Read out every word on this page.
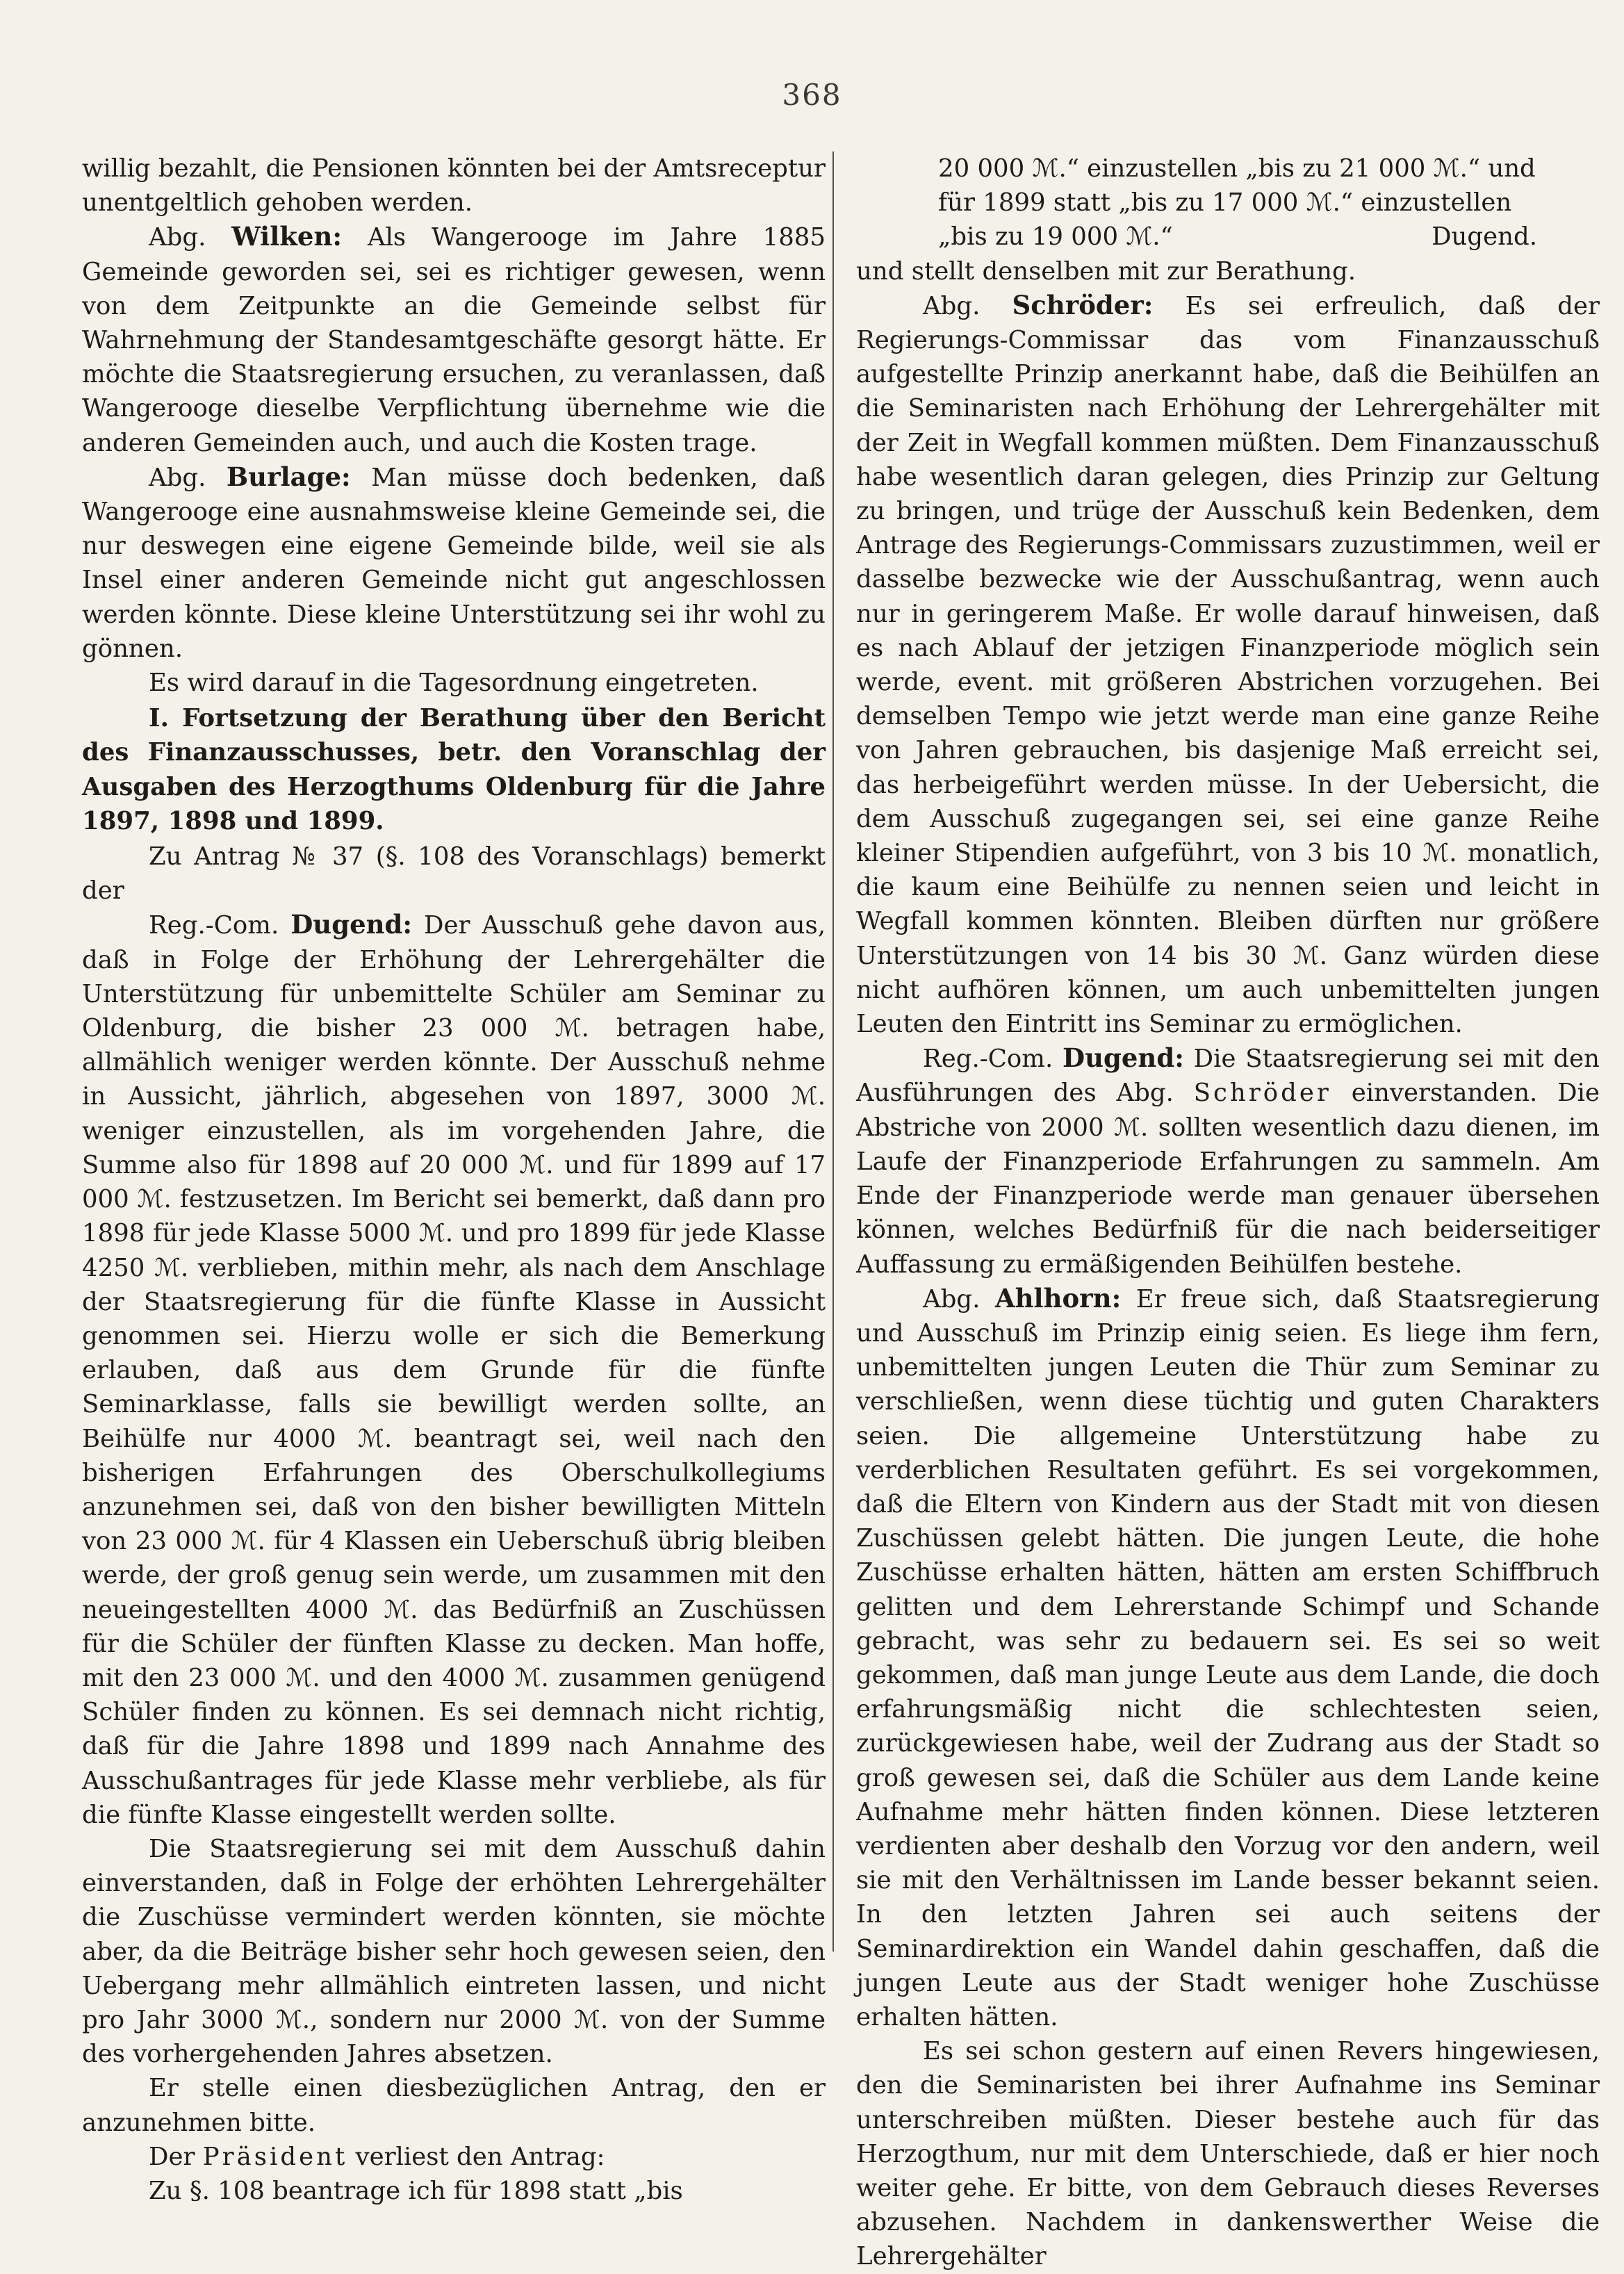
368

willig bezahlt, die Pensionen könnten bei der Amtsreceptur unentgeltlich gehoben werden.

Abg. Wilken: Als Wangerooge im Jahre 1885 Gemeinde geworden sei, sei es richtiger gewesen, wenn von dem Zeitpunkte an die Gemeinde selbst für Wahrnehmung der Standesamtgeschäfte gesorgt hätte. Er möchte die Staatsregierung ersuchen, zu veranlassen, daß Wangerooge dieselbe Verpflichtung übernehme wie die anderen Gemeinden auch, und auch die Kosten trage.

Abg. Burlage: Man müsse doch bedenken, daß Wangerooge eine ausnahmsweise kleine Gemeinde sei, die nur deswegen eine eigene Gemeinde bilde, weil sie als Insel einer anderen Gemeinde nicht gut angeschlossen werden könnte. Diese kleine Unterstützung sei ihr wohl zu gönnen.

Es wird darauf in die Tagesordnung eingetreten.

I. Fortsetzung der Berathung über den Bericht des Finanzausschusses, betr. den Voranschlag der Ausgaben des Herzogthums Oldenburg für die Jahre 1897, 1898 und 1899.

Zu Antrag № 37 (§. 108 des Voranschlags) bemerkt der

Reg.-Com. Dugend: Der Ausschuß gehe davon aus, daß in Folge der Erhöhung der Lehrergehälter die Unterstützung für unbemittelte Schüler am Seminar zu Oldenburg, die bisher 23 000 ℳ. betragen habe, allmählich weniger werden könnte. Der Ausschuß nehme in Aussicht, jährlich, abgesehen von 1897, 3000 ℳ. weniger einzustellen, als im vorgehenden Jahre, die Summe also für 1898 auf 20 000 ℳ. und für 1899 auf 17 000 ℳ. festzusetzen. Im Bericht sei bemerkt, daß dann pro 1898 für jede Klasse 5000 ℳ. und pro 1899 für jede Klasse 4250 ℳ. verblieben, mithin mehr, als nach dem Anschlage der Staatsregierung für die fünfte Klasse in Aussicht genommen sei. Hierzu wolle er sich die Bemerkung erlauben, daß aus dem Grunde für die fünfte Seminarklasse, falls sie bewilligt werden sollte, an Beihülfe nur 4000 ℳ. beantragt sei, weil nach den bisherigen Erfahrungen des Oberschulkollegiums anzunehmen sei, daß von den bisher bewilligten Mitteln von 23 000 ℳ. für 4 Klassen ein Ueberschuß übrig bleiben werde, der groß genug sein werde, um zusammen mit den neueingestellten 4000 ℳ. das Bedürfniß an Zuschüssen für die Schüler der fünften Klasse zu decken. Man hoffe, mit den 23 000 ℳ. und den 4000 ℳ. zusammen genügend Schüler finden zu können. Es sei demnach nicht richtig, daß für die Jahre 1898 und 1899 nach Annahme des Ausschußantrages für jede Klasse mehr verbliebe, als für die fünfte Klasse eingestellt werden sollte.

Die Staatsregierung sei mit dem Ausschuß dahin einverstanden, daß in Folge der erhöhten Lehrergehälter die Zuschüsse vermindert werden könnten, sie möchte aber, da die Beiträge bisher sehr hoch gewesen seien, den Uebergang mehr allmählich eintreten lassen, und nicht pro Jahr 3000 ℳ., sondern nur 2000 ℳ. von der Summe des vorhergehenden Jahres absetzen.

Er stelle einen diesbezüglichen Antrag, den er anzunehmen bitte.

Der Präsident verliest den Antrag:

Zu §. 108 beantrage ich für 1898 statt „bis

20 000 ℳ.“ einzustellen „bis zu 21 000 ℳ.“ und

für 1899 statt „bis zu 17 000 ℳ.“ einzustellen

„bis zu 19 000 ℳ.“	Dugend.

und stellt denselben mit zur Berathung.

Abg. Schröder: Es sei erfreulich, daß der Regierungs-Commissar das vom Finanzausschuß aufgestellte Prinzip anerkannt habe, daß die Beihülfen an die Seminaristen nach Erhöhung der Lehrergehälter mit der Zeit in Wegfall kommen müßten. Dem Finanzausschuß habe wesentlich daran gelegen, dies Prinzip zur Geltung zu bringen, und trüge der Ausschuß kein Bedenken, dem Antrage des Regierungs-Commissars zuzustimmen, weil er dasselbe bezwecke wie der Ausschußantrag, wenn auch nur in geringerem Maße. Er wolle darauf hinweisen, daß es nach Ablauf der jetzigen Finanzperiode möglich sein werde, event. mit größeren Abstrichen vorzugehen. Bei demselben Tempo wie jetzt werde man eine ganze Reihe von Jahren gebrauchen, bis dasjenige Maß erreicht sei, das herbeigeführt werden müsse. In der Uebersicht, die dem Ausschuß zugegangen sei, sei eine ganze Reihe kleiner Stipendien aufgeführt, von 3 bis 10 ℳ. monatlich, die kaum eine Beihülfe zu nennen seien und leicht in Wegfall kommen könnten. Bleiben dürften nur größere Unterstützungen von 14 bis 30 ℳ. Ganz würden diese nicht aufhören können, um auch unbemittelten jungen Leuten den Eintritt ins Seminar zu ermöglichen.

Reg.-Com. Dugend: Die Staatsregierung sei mit den Ausführungen des Abg. Schröder einverstanden. Die Abstriche von 2000 ℳ. sollten wesentlich dazu dienen, im Laufe der Finanzperiode Erfahrungen zu sammeln. Am Ende der Finanzperiode werde man genauer übersehen können, welches Bedürfniß für die nach beiderseitiger Auffassung zu ermäßigenden Beihülfen bestehe.

Abg. Ahlhorn: Er freue sich, daß Staatsregierung und Ausschuß im Prinzip einig seien. Es liege ihm fern, unbemittelten jungen Leuten die Thür zum Seminar zu verschließen, wenn diese tüchtig und guten Charakters seien. Die allgemeine Unterstützung habe zu verderblichen Resultaten geführt. Es sei vorgekommen, daß die Eltern von Kindern aus der Stadt mit von diesen Zuschüssen gelebt hätten. Die jungen Leute, die hohe Zuschüsse erhalten hätten, hätten am ersten Schiffbruch gelitten und dem Lehrerstande Schimpf und Schande gebracht, was sehr zu bedauern sei. Es sei so weit gekommen, daß man junge Leute aus dem Lande, die doch erfahrungsmäßig nicht die schlechtesten seien, zurückgewiesen habe, weil der Zudrang aus der Stadt so groß gewesen sei, daß die Schüler aus dem Lande keine Aufnahme mehr hätten finden können. Diese letzteren verdienten aber deshalb den Vorzug vor den andern, weil sie mit den Verhältnissen im Lande besser bekannt seien. In den letzten Jahren sei auch seitens der Seminardirektion ein Wandel dahin geschaffen, daß die jungen Leute aus der Stadt weniger hohe Zuschüsse erhalten hätten.

Es sei schon gestern auf einen Revers hingewiesen, den die Seminaristen bei ihrer Aufnahme ins Seminar unterschreiben müßten. Dieser bestehe auch für das Herzogthum, nur mit dem Unterschiede, daß er hier noch weiter gehe. Er bitte, von dem Gebrauch dieses Reverses abzusehen. Nachdem in dankenswerther Weise die Lehrergehälter
